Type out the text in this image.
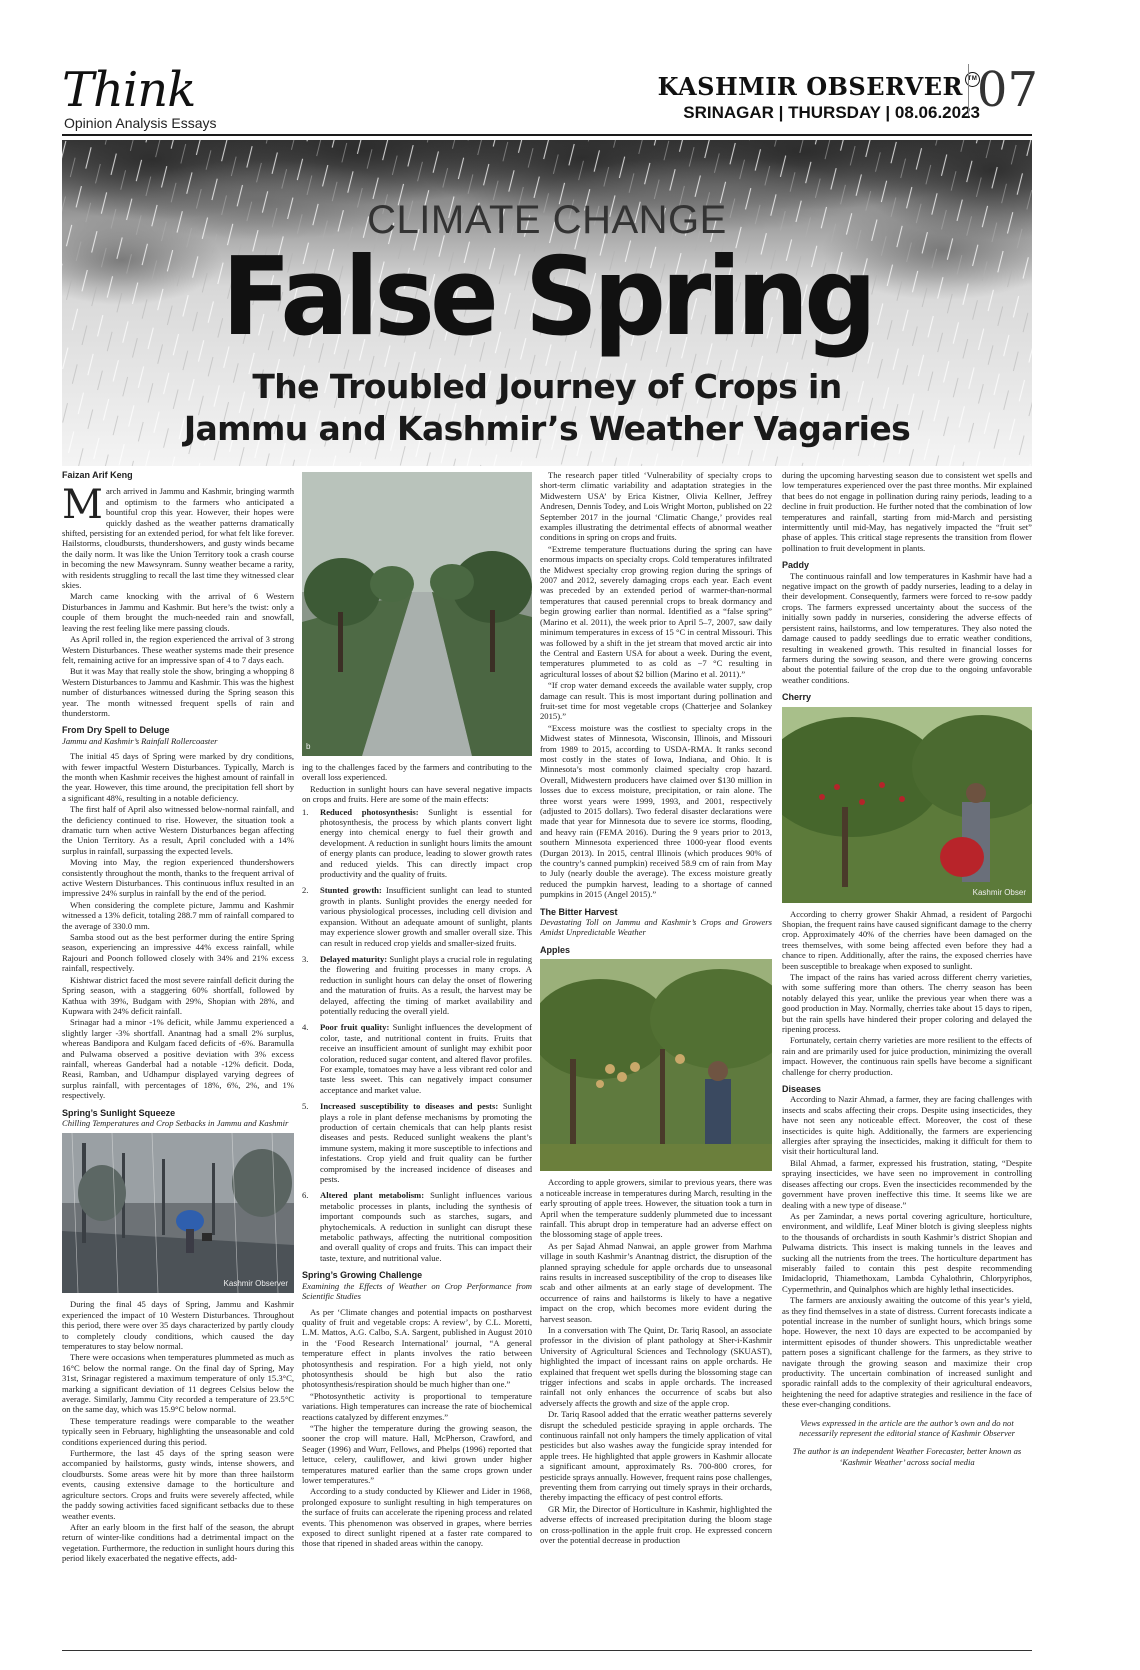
Think
Opinion Analysis Essays
KASHMIR OBSERVER TM
SRINAGAR | THURSDAY | 08.06.2023
07
CLIMATE CHANGE
False Spring
The Troubled Journey of Crops in
Jammu and Kashmir’s Weather Vagaries
Faizan Arif Keng

March arrived in Jammu and Kashmir, bringing warmth and optimism to the farmers who anticipated a bountiful crop this year. However, their hopes were quickly dashed as the weather patterns dramatically shifted, persisting for an extended period, for what felt like forever. Hailstorms, cloudbursts, thundershowers, and gusty winds became the daily norm. It was like the Union Territory took a crash course in becoming the new Mawsynram. Sunny weather became a rarity, with residents struggling to recall the last time they witnessed clear skies.

March came knocking with the arrival of 6 Western Disturbances in Jammu and Kashmir. But here’s the twist: only a couple of them brought the much-needed rain and snowfall, leaving the rest feeling like mere passing clouds.

As April rolled in, the region experienced the arrival of 3 strong Western Disturbances. These weather systems made their presence felt, remaining active for an impressive span of 4 to 7 days each.

But it was May that really stole the show, bringing a whopping 8 Western Disturbances to Jammu and Kashmir. This was the highest number of disturbances witnessed during the Spring season this year. The month witnessed frequent spells of rain and thunderstorm.

From Dry Spell to Deluge
Jammu and Kashmir’s Rainfall Rollercoaster

The initial 45 days of Spring were marked by dry conditions, with fewer impactful Western Disturbances. Typically, March is the month when Kashmir receives the highest amount of rainfall in the year. However, this time around, the precipitation fell short by a significant 48%, resulting in a notable deficiency.

The first half of April also witnessed below-normal rainfall, and the deficiency continued to rise. However, the situation took a dramatic turn when active Western Disturbances began affecting the Union Territory. As a result, April concluded with a 14% surplus in rainfall, surpassing the expected levels.

Moving into May, the region experienced thundershowers consistently throughout the month, thanks to the frequent arrival of active Western Disturbances. This continuous influx resulted in an impressive 24% surplus in rainfall by the end of the period.

When considering the complete picture, Jammu and Kashmir witnessed a 13% deficit, totaling 288.7 mm of rainfall compared to the average of 330.0 mm.

Samba stood out as the best performer during the entire Spring season, experiencing an impressive 44% excess rainfall, while Rajouri and Poonch followed closely with 34% and 21% excess rainfall, respectively.

Kishtwar district faced the most severe rainfall deficit during the Spring season, with a staggering 60% shortfall, followed by Kathua with 39%, Budgam with 29%, Shopian with 28%, and Kupwara with 24% deficit rainfall.

Srinagar had a minor -1% deficit, while Jammu experienced a slightly larger -3% shortfall. Anantnag had a small 2% surplus, whereas Bandipora and Kulgam faced deficits of -6%. Baramulla and Pulwama observed a positive deviation with 3% excess rainfall, whereas Ganderbal had a notable -12% deficit. Doda, Reasi, Ramban, and Udhampur displayed varying degrees of surplus rainfall, with percentages of 18%, 6%, 2%, and 1% respectively.

Spring’s Sunlight Squeeze
Chilling Temperatures and Crop Setbacks in Jammu and Kashmir
Kashmir Observer

During the final 45 days of Spring, Jammu and Kashmir experienced the impact of 10 Western Disturbances. Throughout this period, there were over 35 days characterized by partly cloudy to completely cloudy conditions, which caused the day temperatures to stay below normal.

There were occasions when temperatures plummeted as much as 16°C below the normal range. On the final day of Spring, May 31st, Srinagar registered a maximum temperature of only 15.3°C, marking a significant deviation of 11 degrees Celsius below the average. Similarly, Jammu City recorded a temperature of 23.5°C on the same day, which was 15.9°C below normal.

These temperature readings were comparable to the weather typically seen in February, highlighting the unseasonable and cold conditions experienced during this period.

Furthermore, the last 45 days of the spring season were accompanied by hailstorms, gusty winds, intense showers, and cloudbursts. Some areas were hit by more than three hailstorm events, causing extensive damage to the horticulture and agriculture sectors. Crops and fruits were severely affected, while the paddy sowing activities faced significant setbacks due to these weather events.

After an early bloom in the first half of the season, the abrupt return of winter-like conditions had a detrimental impact on the vegetation. Furthermore, the reduction in sunlight hours during this period likely exacerbated the negative effects, add-

b

ing to the challenges faced by the farmers and contributing to the overall loss experienced.

Reduction in sunlight hours can have several negative impacts on crops and fruits. Here are some of the main effects:

1. Reduced photosynthesis: Sunlight is essential for photosynthesis, the process by which plants convert light energy into chemical energy to fuel their growth and development. A reduction in sunlight hours limits the amount of energy plants can produce, leading to slower growth rates and reduced yields. This can directly impact crop productivity and the quality of fruits.
2. Stunted growth: Insufficient sunlight can lead to stunted growth in plants. Sunlight provides the energy needed for various physiological processes, including cell division and expansion. Without an adequate amount of sunlight, plants may experience slower growth and smaller overall size. This can result in reduced crop yields and smaller-sized fruits.
3. Delayed maturity: Sunlight plays a crucial role in regulating the flowering and fruiting processes in many crops. A reduction in sunlight hours can delay the onset of flowering and the maturation of fruits. As a result, the harvest may be delayed, affecting the timing of market availability and potentially reducing the overall yield.
4. Poor fruit quality: Sunlight influences the development of color, taste, and nutritional content in fruits. Fruits that receive an insufficient amount of sunlight may exhibit poor coloration, reduced sugar content, and altered flavor profiles. For example, tomatoes may have a less vibrant red color and taste less sweet. This can negatively impact consumer acceptance and market value.
5. Increased susceptibility to diseases and pests: Sunlight plays a role in plant defense mechanisms by promoting the production of certain chemicals that can help plants resist diseases and pests. Reduced sunlight weakens the plant’s immune system, making it more susceptible to infections and infestations. Crop yield and fruit quality can be further compromised by the increased incidence of diseases and pests.
6. Altered plant metabolism: Sunlight influences various metabolic processes in plants, including the synthesis of important compounds such as starches, sugars, and phytochemicals. A reduction in sunlight can disrupt these metabolic pathways, affecting the nutritional composition and overall quality of crops and fruits. This can impact their taste, texture, and nutritional value.
Spring’s Growing Challenge
Examining the Effects of Weather on Crop Performance from Scientific Studies

As per ‘Climate changes and potential impacts on postharvest quality of fruit and vegetable crops: A review’, by C.L. Moretti, L.M. Mattos, A.G. Calbo, S.A. Sargent, published in August 2010 in the ‘Food Research International’ journal, “A general temperature effect in plants involves the ratio between photosynthesis and respiration. For a high yield, not only photosynthesis should be high but also the ratio photosynthesis/respiration should be much higher than one.”

“Photosynthetic activity is proportional to temperature variations. High temperatures can increase the rate of biochemical reactions catalyzed by different enzymes.”

“The higher the temperature during the growing season, the sooner the crop will mature. Hall, McPherson, Crawford, and Seager (1996) and Wurr, Fellows, and Phelps (1996) reported that lettuce, celery, cauliflower, and kiwi grown under higher temperatures matured earlier than the same crops grown under lower temperatures.”

According to a study conducted by Kliewer and Lider in 1968, prolonged exposure to sunlight resulting in high temperatures on the surface of fruits can accelerate the ripening process and related events. This phenomenon was observed in grapes, where berries exposed to direct sunlight ripened at a faster rate compared to those that ripened in shaded areas within the canopy.

The research paper titled ‘Vulnerability of specialty crops to short-term climatic variability and adaptation strategies in the Midwestern USA’ by Erica Kistner, Olivia Kellner, Jeffrey Andresen, Dennis Todey, and Lois Wright Morton, published on 22 September 2017 in the journal ‘Climatic Change,’ provides real examples illustrating the detrimental effects of abnormal weather conditions in spring on crops and fruits.

“Extreme temperature fluctuations during the spring can have enormous impacts on specialty crops. Cold temperatures infiltrated the Midwest specialty crop growing region during the springs of 2007 and 2012, severely damaging crops each year. Each event was preceded by an extended period of warmer-than-normal temperatures that caused perennial crops to break dormancy and begin growing earlier than normal. Identified as a “false spring” (Marino et al. 2011), the week prior to April 5–7, 2007, saw daily minimum temperatures in excess of 15 °C in central Missouri. This was followed by a shift in the jet stream that moved arctic air into the Central and Eastern USA for about a week. During the event, temperatures plummeted to as cold as −7 °C resulting in agricultural losses of about $2 billion (Marino et al. 2011).”

“If crop water demand exceeds the available water supply, crop damage can result. This is most important during pollination and fruit-set time for most vegetable crops (Chatterjee and Solankey 2015).”

“Excess moisture was the costliest to specialty crops in the Midwest states of Minnesota, Wisconsin, Illinois, and Missouri from 1989 to 2015, according to USDA-RMA. It ranks second most costly in the states of Iowa, Indiana, and Ohio. It is Minnesota’s most commonly claimed specialty crop hazard. Overall, Midwestern producers have claimed over $130 million in losses due to excess moisture, precipitation, or rain alone. The three worst years were 1999, 1993, and 2001, respectively (adjusted to 2015 dollars). Two federal disaster declarations were made that year for Minnesota due to severe ice storms, flooding, and heavy rain (FEMA 2016). During the 9 years prior to 2013, southern Minnesota experienced three 1000-year flood events (Durgan 2013). In 2015, central Illinois (which produces 90% of the country’s canned pumpkin) received 58.9 cm of rain from May to July (nearly double the average). The excess moisture greatly reduced the pumpkin harvest, leading to a shortage of canned pumpkins in 2015 (Angel 2015).”

The Bitter Harvest
Devastating Toll on Jammu and Kashmir’s Crops and Growers Amidst Unpredictable Weather
Apples

According to apple growers, similar to previous years, there was a noticeable increase in temperatures during March, resulting in the early sprouting of apple trees. However, the situation took a turn in April when the temperature suddenly plummeted due to incessant rainfall. This abrupt drop in temperature had an adverse effect on the blossoming stage of apple trees.

As per Sajad Ahmad Nanwai, an apple grower from Marhma village in south Kashmir’s Anantnag district, the disruption of the planned spraying schedule for apple orchards due to unseasonal rains results in increased susceptibility of the crop to diseases like scab and other ailments at an early stage of development. The occurrence of rains and hailstorms is likely to have a negative impact on the crop, which becomes more evident during the harvest season.

In a conversation with The Quint, Dr. Tariq Rasool, an associate professor in the division of plant pathology at Sher-i-Kashmir University of Agricultural Sciences and Technology (SKUAST), highlighted the impact of incessant rains on apple orchards. He explained that frequent wet spells during the blossoming stage can trigger infections and scabs in apple orchards. The increased rainfall not only enhances the occurrence of scabs but also adversely affects the growth and size of the apple crop.

Dr. Tariq Rasool added that the erratic weather patterns severely disrupt the scheduled pesticide spraying in apple orchards. The continuous rainfall not only hampers the timely application of vital pesticides but also washes away the fungicide spray intended for apple trees. He highlighted that apple growers in Kashmir allocate a significant amount, approximately Rs. 700-800 crores, for pesticide sprays annually. However, frequent rains pose challenges, preventing them from carrying out timely sprays in their orchards, thereby impacting the efficacy of pest control efforts.

GR Mir, the Director of Horticulture in Kashmir, highlighted the adverse effects of increased precipitation during the bloom stage on cross-pollination in the apple fruit crop. He expressed concern over the potential decrease in production

during the upcoming harvesting season due to consistent wet spells and low temperatures experienced over the past three months. Mir explained that bees do not engage in pollination during rainy periods, leading to a decline in fruit production. He further noted that the combination of low temperatures and rainfall, starting from mid-March and persisting intermittently until mid-May, has negatively impacted the “fruit set” phase of apples. This critical stage represents the transition from flower pollination to fruit development in plants.

Paddy

The continuous rainfall and low temperatures in Kashmir have had a negative impact on the growth of paddy nurseries, leading to a delay in their development. Consequently, farmers were forced to re-sow paddy crops. The farmers expressed uncertainty about the success of the initially sown paddy in nurseries, considering the adverse effects of persistent rains, hailstorms, and low temperatures. They also noted the damage caused to paddy seedlings due to erratic weather conditions, resulting in weakened growth. This resulted in financial losses for farmers during the sowing season, and there were growing concerns about the potential failure of the crop due to the ongoing unfavorable weather conditions.

Cherry
Kashmir Obser

According to cherry grower Shakir Ahmad, a resident of Pargochi Shopian, the frequent rains have caused significant damage to the cherry crop. Approximately 40% of the cherries have been damaged on the trees themselves, with some being affected even before they had a chance to ripen. Additionally, after the rains, the exposed cherries have been susceptible to breakage when exposed to sunlight.

The impact of the rains has varied across different cherry varieties, with some suffering more than others. The cherry season has been notably delayed this year, unlike the previous year when there was a good production in May. Normally, cherries take about 15 days to ripen, but the rain spells have hindered their proper coloring and delayed the ripening process.

Fortunately, certain cherry varieties are more resilient to the effects of rain and are primarily used for juice production, minimizing the overall impact. However, the continuous rain spells have become a significant challenge for cherry production.

Diseases

According to Nazir Ahmad, a farmer, they are facing challenges with insects and scabs affecting their crops. Despite using insecticides, they have not seen any noticeable effect. Moreover, the cost of these insecticides is quite high. Additionally, the farmers are experiencing allergies after spraying the insecticides, making it difficult for them to visit their horticultural land.

Bilal Ahmad, a farmer, expressed his frustration, stating, “Despite spraying insecticides, we have seen no improvement in controlling diseases affecting our crops. Even the insecticides recommended by the government have proven ineffective this time. It seems like we are dealing with a new type of disease.”

As per Zamindar, a news portal covering agriculture, horticulture, environment, and wildlife, Leaf Miner blotch is giving sleepless nights to the thousands of orchardists in south Kashmir’s district Shopian and Pulwama districts. This insect is making tunnels in the leaves and sucking all the nutrients from the trees. The horticulture department has miserably failed to contain this pest despite recommending Imidacloprid, Thiamethoxam, Lambda Cyhalothrin, Chlorpyriphos, Cypermethrin, and Quinalphos which are highly lethal insecticides.

The farmers are anxiously awaiting the outcome of this year’s yield, as they find themselves in a state of distress. Current forecasts indicate a potential increase in the number of sunlight hours, which brings some hope. However, the next 10 days are expected to be accompanied by intermittent episodes of thunder showers. This unpredictable weather pattern poses a significant challenge for the farmers, as they strive to navigate through the growing season and maximize their crop productivity. The uncertain combination of increased sunlight and sporadic rainfall adds to the complexity of their agricultural endeavors, heightening the need for adaptive strategies and resilience in the face of these ever-changing conditions.

Views expressed in the article are the author’s own and do not necessarily represent the editorial stance of Kashmir Observer
The author is an independent Weather Forecaster, better known as ‘Kashmir Weather’ across social media
